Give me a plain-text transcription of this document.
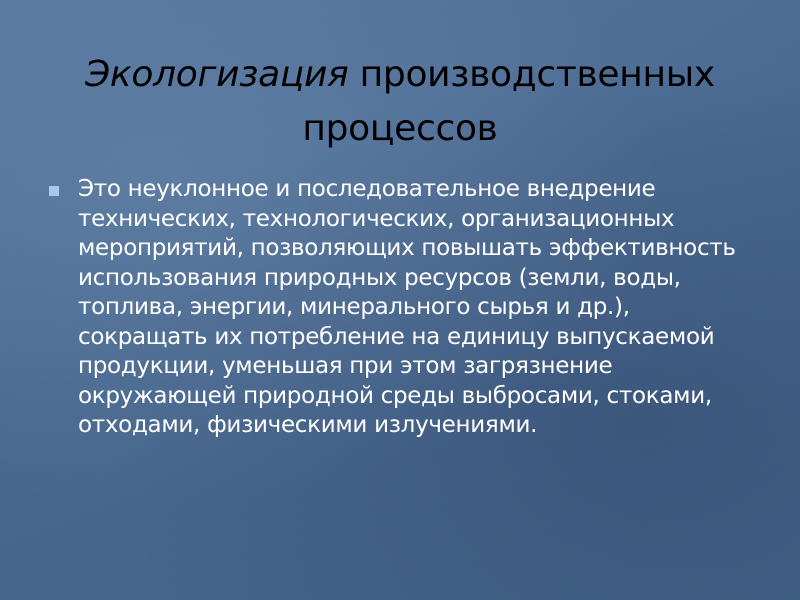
Экологизация производственных процессов
Это неуклонное и последовательное внедрение технических, технологических, организационных мероприятий, позволяющих повышать эффективность использования природных ресурсов (земли, воды, топлива, энергии, минерального сырья и др.), сокращать их потребление на единицу выпускаемой продукции, уменьшая при этом загрязнение окружающей природной среды выбросами, стоками, отходами, физическими излучениями.
